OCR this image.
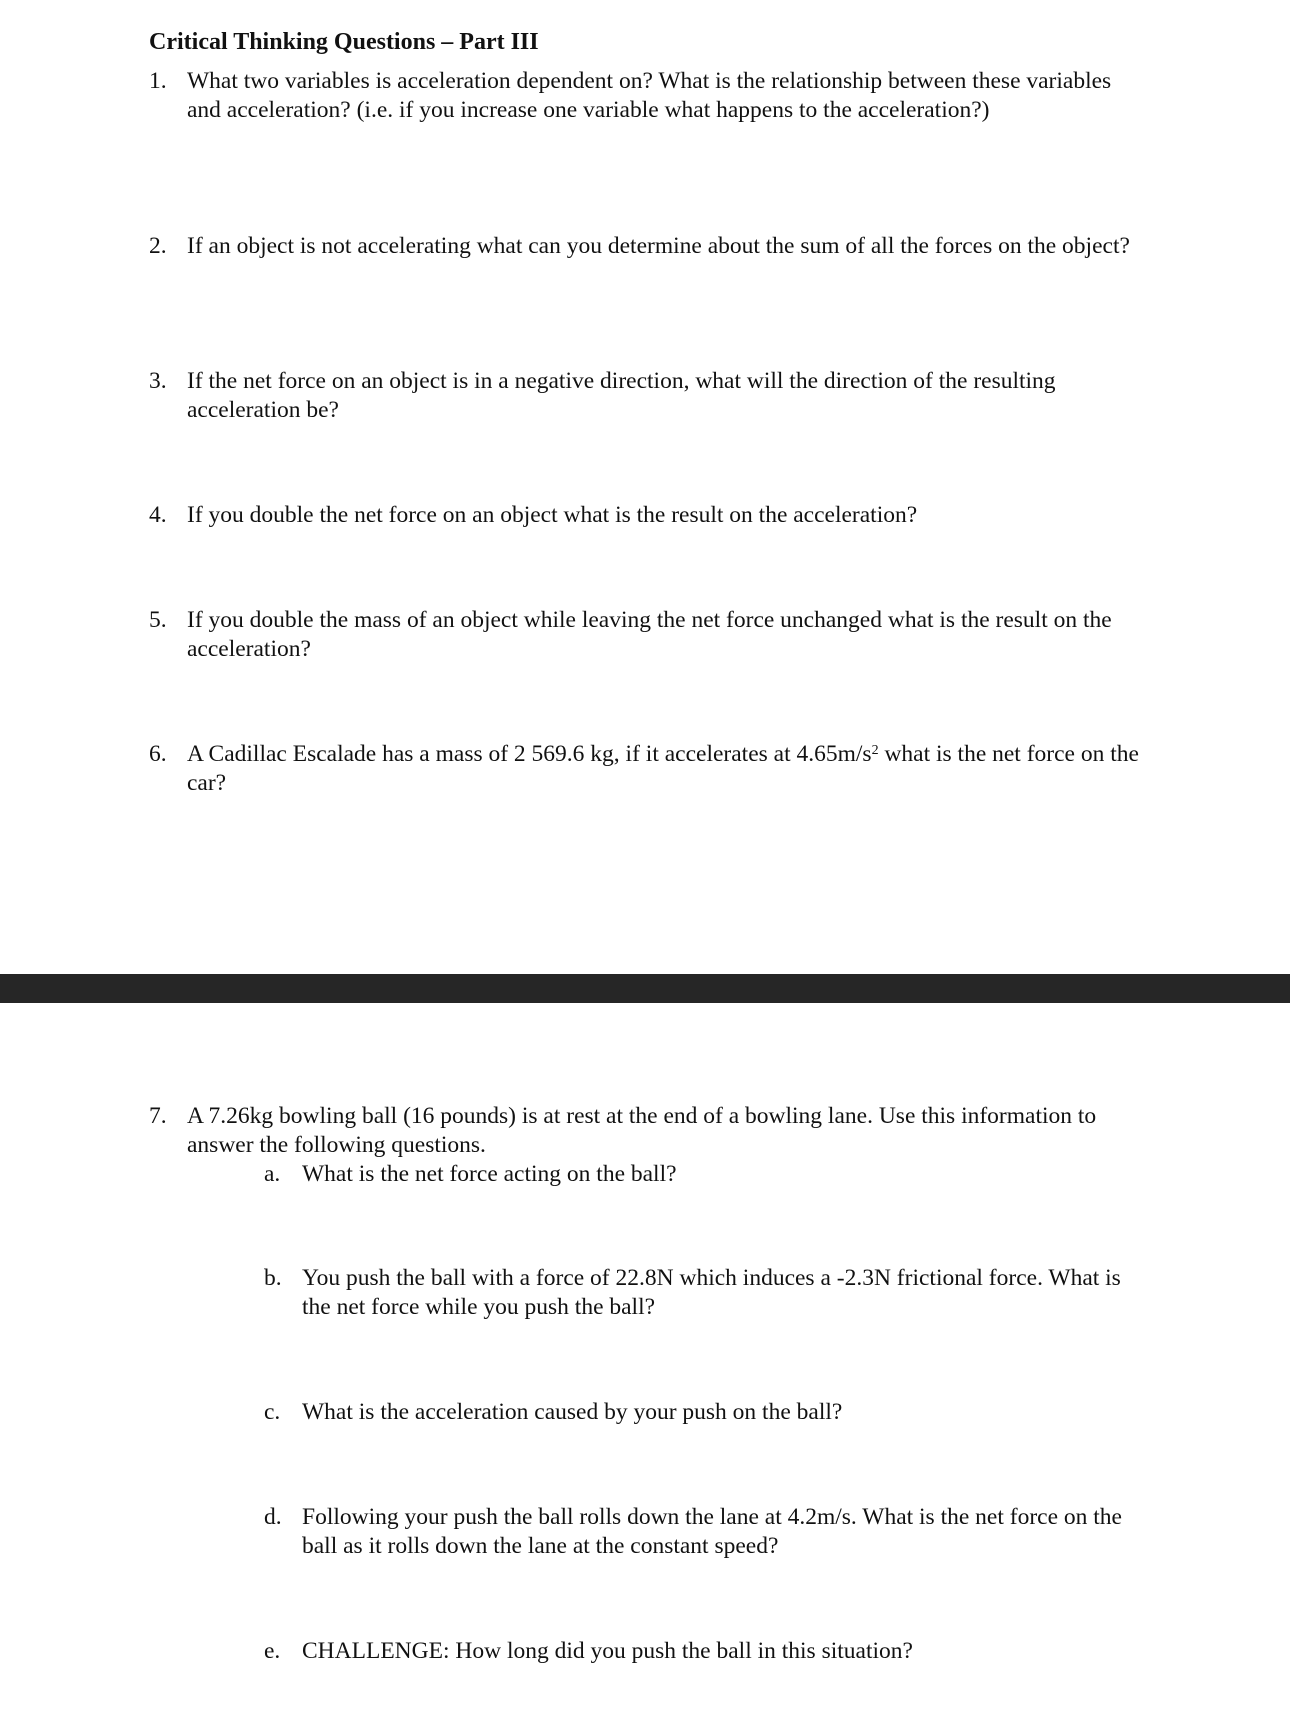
Critical Thinking Questions – Part III
1. What two variables is acceleration dependent on? What is the relationship between these variables and acceleration? (i.e. if you increase one variable what happens to the acceleration?)
2. If an object is not accelerating what can you determine about the sum of all the forces on the object?
3. If the net force on an object is in a negative direction, what will the direction of the resulting acceleration be?
4. If you double the net force on an object what is the result on the acceleration?
5. If you double the mass of an object while leaving the net force unchanged what is the result on the acceleration?
6. A Cadillac Escalade has a mass of 2 569.6 kg, if it accelerates at $4.65m/s^2$ what is the net force on the car?
7. A 7.26kg bowling ball (16 pounds) is at rest at the end of a bowling lane. Use this information to answer the following questions.
a. What is the net force acting on the ball?
b. You push the ball with a force of 22.8N which induces a -2.3N frictional force. What is the net force while you push the ball?
c. What is the acceleration caused by your push on the ball?
d. Following your push the ball rolls down the lane at 4.2m/s. What is the net force on the ball as it rolls down the lane at the constant speed?
e. CHALLENGE: How long did you push the ball in this situation?
